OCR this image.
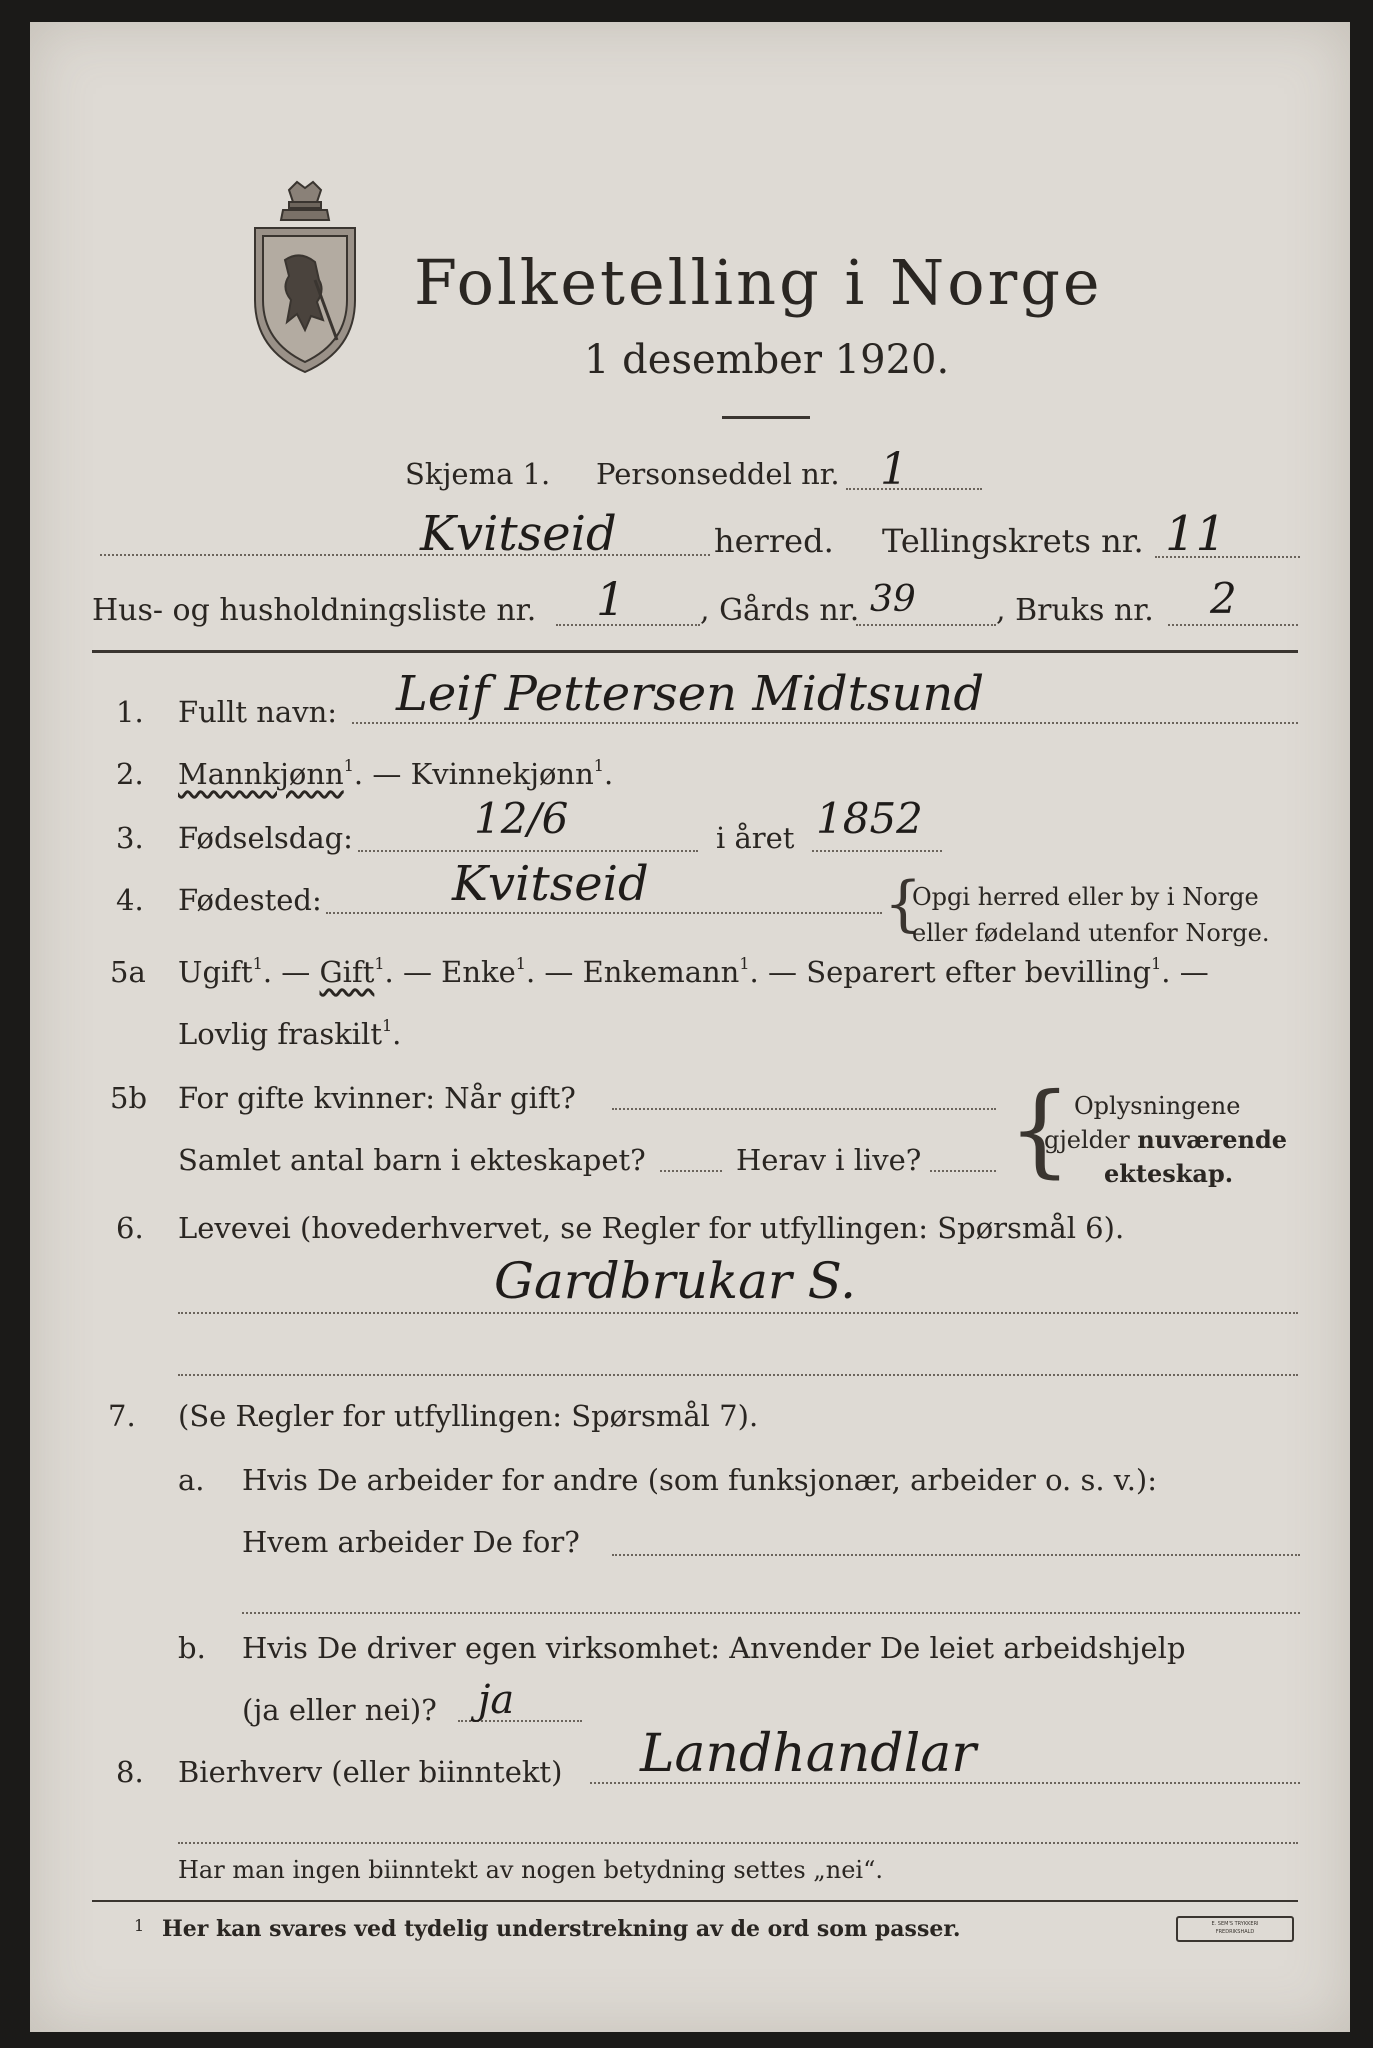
Folketelling i Norge
1 desember 1920.
Skjema 1. Personseddel nr. 1
Kvitseid	herred. Tellingskrets nr. 11
Hus- og husholdningsliste nr. 1 , Gårds nr. 39	, Bruks nr. 2
1. Fullt navn: Leif Pettersen Midtsund
2. Mannkjønn$^1$. — Kvinnekjønn$^1$.
3. Fødselsdag:	12/6	i året 1852
4. Fødested:	Kvitseid	{
Opgi herred eller by i Norge
eller fødeland utenfor Norge.
5a Ugift$^1$. — Gift$^1$. — Enke$^1$. — Enkemann$^1$. — Separert efter bevilling$^1$. —
Lovlig fraskilt$^1$.
5b For gifte kvinner: Når gift?
Samlet antal barn i ekteskapet?	Herav i live? { Oplysningene
gjelder nuværende
ekteskap.
6. Levevei (hovederhvervet, se Regler for utfyllingen: Spørsmål 6).
Gardbrukar S.
7. (Se Regler for utfyllingen: Spørsmål 7).
a. Hvis De arbeider for andre (som funksjonær, arbeider o. s. v.):
Hvem arbeider De for?
b. Hvis De driver egen virksomhet: Anvender De leiet arbeidshjelp
(ja eller nei)? ja
8. Bierhverv (eller biinntekt) Landhandlar
Har man ingen biinntekt av nogen betydning settes „nei“.
1 Her kan svares ved tydelig understrekning av de ord som passer.	E. SEM'S TRYKKERI
FREDRIKSHALD
